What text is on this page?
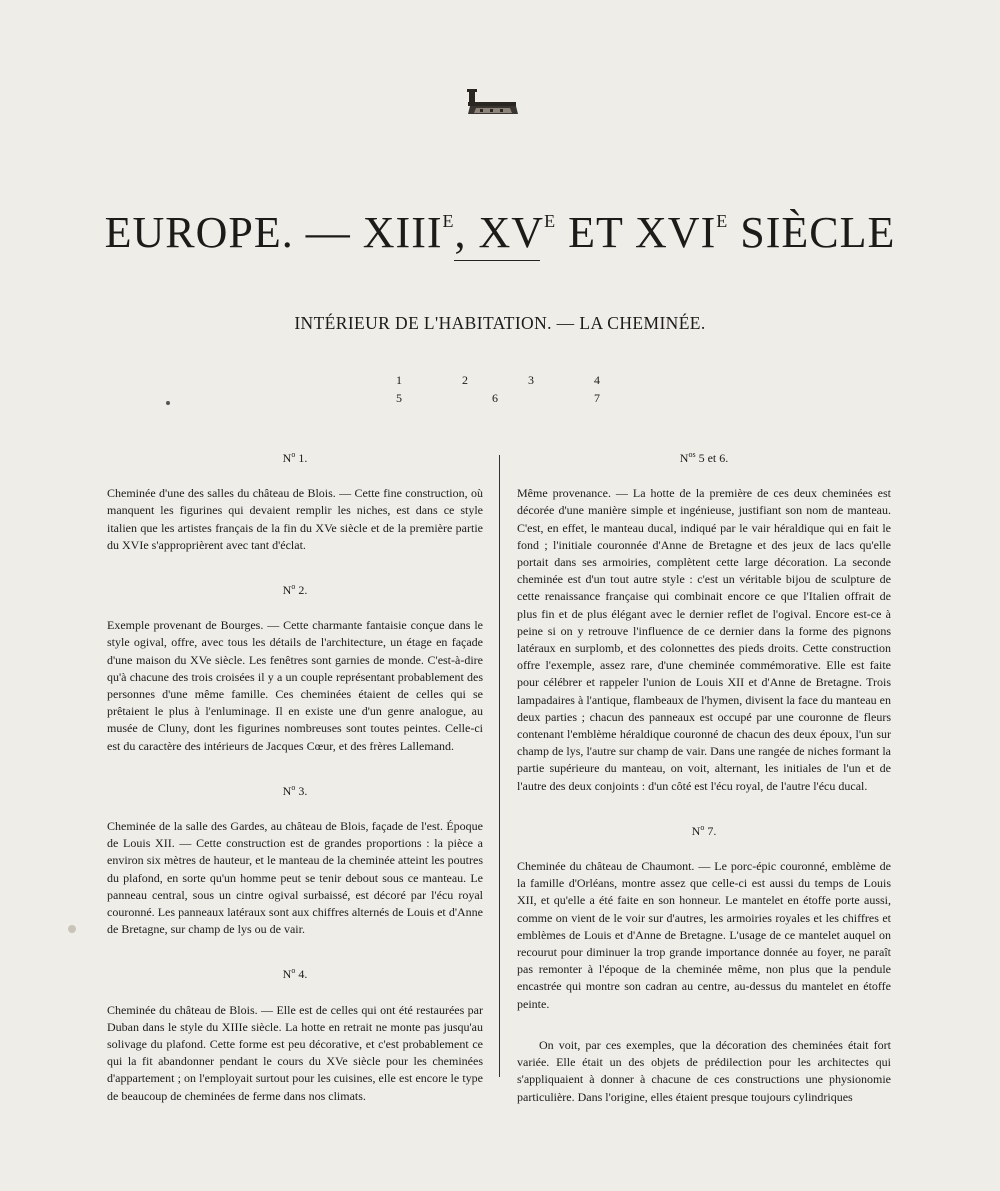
EUROPE. — $XIII^E$, $XV^E$ ET $XVI^E$ SIÈCLE
INTÉRIEUR DE L'HABITATION. — LA CHEMINÉE.
1	2	3	4
5	6	7
$N^o$ 1.

Cheminée d'une des salles du château de Blois. — Cette fine construction, où manquent les figurines qui devaient remplir les niches, est dans ce style italien que les artistes français de la fin du XVe siècle et de la première partie du XVIe s'approprièrent avec tant d'éclat.

$N^o$ 2.

Exemple provenant de Bourges. — Cette charmante fantaisie conçue dans le style ogival, offre, avec tous les détails de l'architecture, un étage en façade d'une maison du XVe siècle. Les fenêtres sont garnies de monde. C'est-à-dire qu'à chacune des trois croisées il y a un couple représentant probablement des personnes d'une même famille. Ces cheminées étaient de celles qui se prêtaient le plus à l'enluminage. Il en existe une d'un genre analogue, au musée de Cluny, dont les figurines nombreuses sont toutes peintes. Celle-ci est du caractère des intérieurs de Jacques Cœur, et des frères Lallemand.

$N^o$ 3.

Cheminée de la salle des Gardes, au château de Blois, façade de l'est. Époque de Louis XII. — Cette construction est de grandes proportions : la pièce a environ six mètres de hauteur, et le manteau de la cheminée atteint les poutres du plafond, en sorte qu'un homme peut se tenir debout sous ce manteau. Le panneau central, sous un cintre ogival surbaissé, est décoré par l'écu royal couronné. Les panneaux latéraux sont aux chiffres alternés de Louis et d'Anne de Bretagne, sur champ de lys ou de vair.

$N^o$ 4.

Cheminée du château de Blois. — Elle est de celles qui ont été restaurées par Duban dans le style du XIIIe siècle. La hotte en retrait ne monte pas jusqu'au solivage du plafond. Cette forme est peu décorative, et c'est probablement ce qui la fit abandonner pendant le cours du XVe siècle pour les cheminées d'appartement ; on l'employait surtout pour les cuisines, elle est encore le type de beaucoup de cheminées de ferme dans nos climats.

$N^{os}$ 5 et 6.

Même provenance. — La hotte de la première de ces deux cheminées est décorée d'une manière simple et ingénieuse, justifiant son nom de manteau. C'est, en effet, le manteau ducal, indiqué par le vair héraldique qui en fait le fond ; l'initiale couronnée d'Anne de Bretagne et des jeux de lacs qu'elle portait dans ses armoiries, complètent cette large décoration. La seconde cheminée est d'un tout autre style : c'est un véritable bijou de sculpture de cette renaissance française qui combinait encore ce que l'Italien offrait de plus fin et de plus élégant avec le dernier reflet de l'ogival. Encore est-ce à peine si on y retrouve l'influence de ce dernier dans la forme des pignons latéraux en surplomb, et des colonnettes des pieds droits. Cette construction offre l'exemple, assez rare, d'une cheminée commémorative. Elle est faite pour célébrer et rappeler l'union de Louis XII et d'Anne de Bretagne. Trois lampadaires à l'antique, flambeaux de l'hymen, divisent la face du manteau en deux parties ; chacun des panneaux est occupé par une couronne de fleurs contenant l'emblème héraldique couronné de chacun des deux époux, l'un sur champ de lys, l'autre sur champ de vair. Dans une rangée de niches formant la partie supérieure du manteau, on voit, alternant, les initiales de l'un et de l'autre des deux conjoints : d'un côté est l'écu royal, de l'autre l'écu ducal.

$N^o$ 7.

Cheminée du château de Chaumont. — Le porc-épic couronné, emblème de la famille d'Orléans, montre assez que celle-ci est aussi du temps de Louis XII, et qu'elle a été faite en son honneur. Le mantelet en étoffe porte aussi, comme on vient de le voir sur d'autres, les armoiries royales et les chiffres et emblèmes de Louis et d'Anne de Bretagne. L'usage de ce mantelet auquel on recourut pour diminuer la trop grande importance donnée au foyer, ne paraît pas remonter à l'époque de la cheminée même, non plus que la pendule encastrée qui montre son cadran au centre, au-dessus du mantelet en étoffe peinte.

On voit, par ces exemples, que la décoration des cheminées était fort variée. Elle était un des objets de prédilection pour les architectes qui s'appliquaient à donner à chacune de ces constructions une physionomie particulière. Dans l'origine, elles étaient presque toujours cylindriques
